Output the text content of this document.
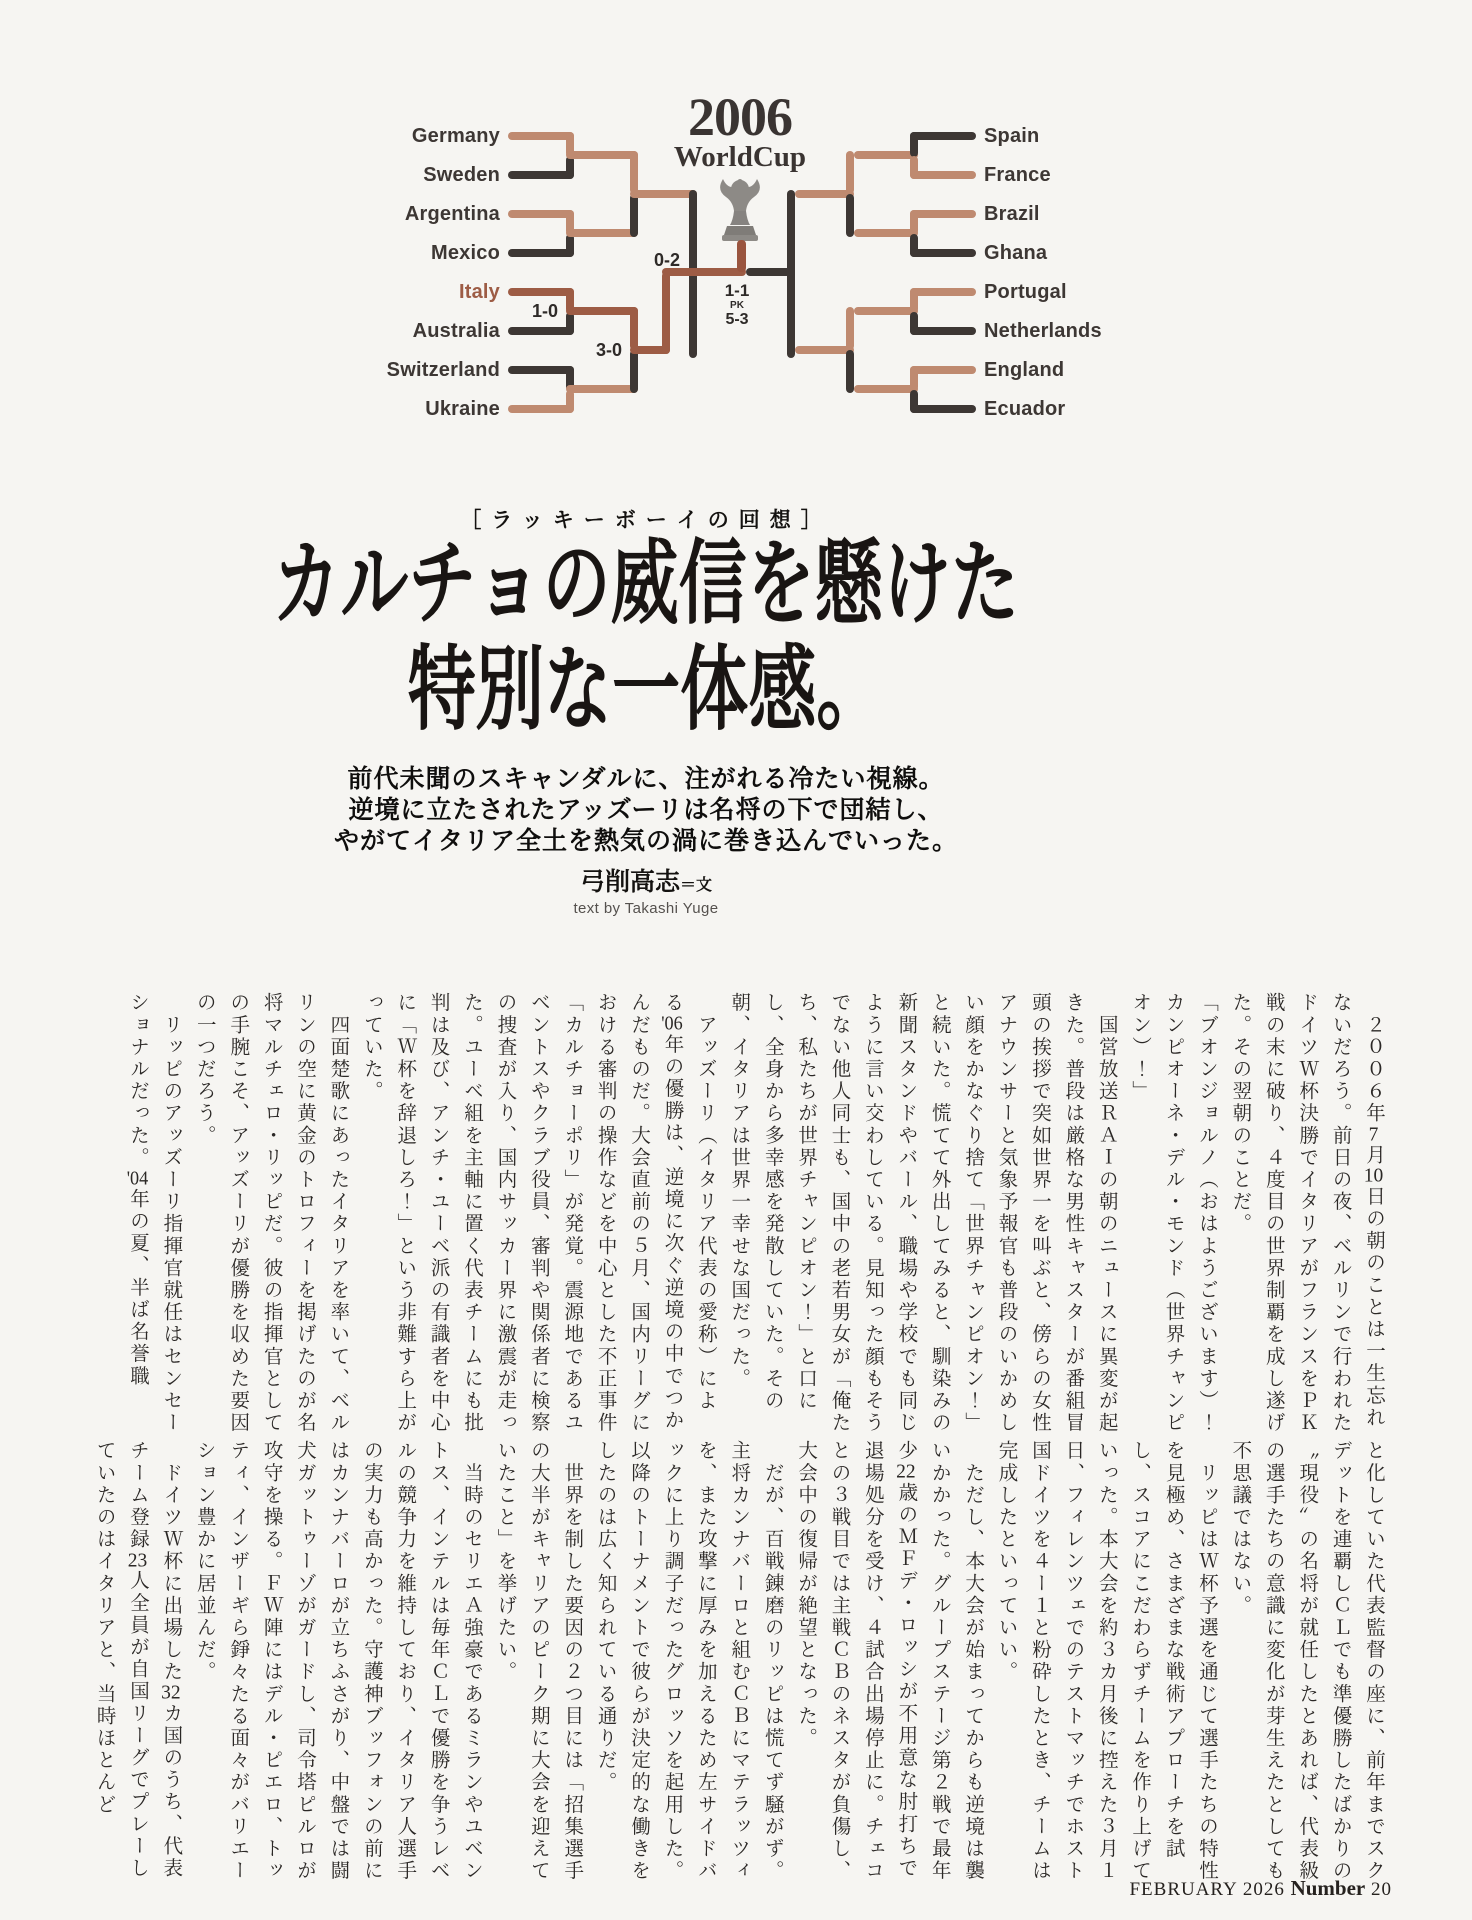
2006
WorldCup
Germany
Sweden
Argentina
Mexico
Italy
Australia
Switzerland
Ukraine
Spain
France
Brazil
Ghana
Portugal
Netherlands
England
Ecuador
1-0
3-0
0-2
1-1
PK
5-3
［ラッキーボーイの回想］
カルチョの威信を懸けた
特別な一体感。
前代未聞のスキャンダルに、注がれる冷たい視線。
逆境に立たされたアッズーリは名将の下で団結し、
やがてイタリア全土を熱気の渦に巻き込んでいった。
弓削高志＝文
text by Takashi Yuge

　２００６年7月10日の朝のことは一生忘れないだろう。前日の夜、ベルリンで行われたドイツＷ杯決勝でイタリアがフランスをＰＫ戦の末に破り、４度目の世界制覇を成し遂げた。その翌朝のことだ。

「ブオンジョルノ（おはようございます）！カンピオーネ・デル・モンド（世界チャンピオン）！」

　国営放送ＲＡＩの朝のニュースに異変が起きた。普段は厳格な男性キャスターが番組冒頭の挨拶で突如世界一を叫ぶと、傍らの女性アナウンサーと気象予報官も普段のいかめしい顔をかなぐり捨て「世界チャンピオン！」と続いた。慌てて外出してみると、馴染みの新聞スタンドやバール、職場や学校でも同じように言い交わしている。見知った顔もそうでない他人同士も、国中の老若男女が「俺たち、私たちが世界チャンピオン！」と口にし、全身から多幸感を発散していた。その朝、イタリアは世界一幸せな国だった。

　アッズーリ（イタリア代表の愛称）による'06年の優勝は、逆境に次ぐ逆境の中でつかんだものだ。大会直前の５月、国内リーグにおける審判の操作などを中心とした不正事件「カルチョーポリ」が発覚。震源地であるユベントスやクラブ役員、審判や関係者に検察の捜査が入り、国内サッカー界に激震が走った。ユーベ組を主軸に置く代表チームにも批判は及び、アンチ・ユーベ派の有識者を中心に「Ｗ杯を辞退しろ！」という非難すら上がっていた。

　四面楚歌にあったイタリアを率いて、ベルリンの空に黄金のトロフィーを掲げたのが名将マルチェロ・リッピだ。彼の指揮官としての手腕こそ、アッズーリが優勝を収めた要因の一つだろう。

　リッピのアッズーリ指揮官就任はセンセーショナルだった。'04年の夏、半ば名誉職

と化していた代表監督の座に、前年までスクデットを連覇しＣＬでも準優勝したばかりの〝現役〟の名将が就任したとあれば、代表級の選手たちの意識に変化が芽生えたとしても不思議ではない。

　リッピはＷ杯予選を通じて選手たちの特性を見極め、さまざまな戦術アプローチを試し、スコアにこだわらずチームを作り上げていった。本大会を約３カ月後に控えた３月１日、フィレンツェでのテストマッチでホスト国ドイツを４ー１と粉砕したとき、チームは完成したといっていい。

　ただし、本大会が始まってからも逆境は襲いかかった。グループステージ第２戦で最年少22歳のＭＦデ・ロッシが不用意な肘打ちで退場処分を受け、４試合出場停止に。チェコとの３戦目では主戦ＣＢのネスタが負傷し、大会中の復帰が絶望となった。

　だが、百戦錬磨のリッピは慌てず騒がず。主将カンナバーロと組むＣＢにマテラッツィを、また攻撃に厚みを加えるため左サイドバックに上り調子だったグロッソを起用した。以降のトーナメントで彼らが決定的な働きをしたのは広く知られている通りだ。

　世界を制した要因の２つ目には「招集選手の大半がキャリアのピーク期に大会を迎えていたこと」を挙げたい。

　当時のセリエＡ強豪であるミランやユベントス、インテルは毎年ＣＬで優勝を争うレベルの競争力を維持しており、イタリア人選手の実力も高かった。守護神ブッフォンの前にはカンナバーロが立ちふさがり、中盤では闘犬ガットゥーゾがガードし、司令塔ピルロが攻守を操る。ＦＷ陣にはデル・ピエロ、トッティ、インザーギら錚々たる面々がバリエーション豊かに居並んだ。

　ドイツＷ杯に出場した32カ国のうち、代表チーム登録23人全員が自国リーグでプレーしていたのはイタリアと、当時ほとんど

FEBRUARY 2026 Number 20
